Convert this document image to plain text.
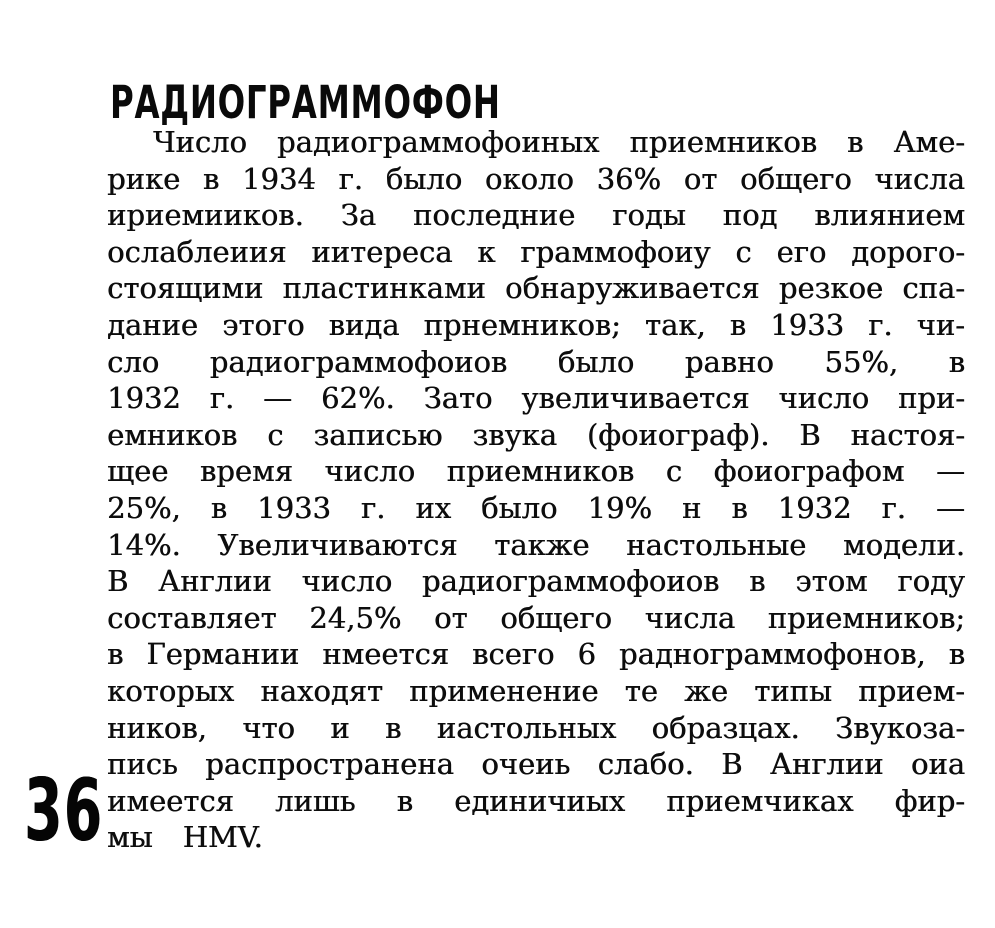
РАДИОГРАММОФОН
Число радиограммофоиных приемников в Аме-
рике в 1934 г. было около 36% от общего числа
ириемииков. За последние годы под влиянием
ослаблеиия иитереса к граммофоиу с его дорого-
стоящими пластинками обнаруживается резкое спа-
дание этого вида прнемников; так, в 1933 г. чи-
сло радиограммофоиов было равно 55%, в
1932 г. — 62%. Зато увеличивается число при-
емников с записью звука (фоиограф). В настоя-
щее время число приемников с фоиографом —
25%, в 1933 г. их было 19% н в 1932 г. —
14%. Увеличиваются также настольные модели.
В Англии число радиограммофоиов в этом году
составляет 24,5% от общего числа приемников;
в Германии нмеется всего 6 раднограммофонов, в
которых находят применение те же типы прием-
ников, что и в иастольных образцах. Звукоза-
пись распространена очеиь слабо. В Англии оиа
имеется лишь в единичиых приемчиках фир-
мы HMV.
36
